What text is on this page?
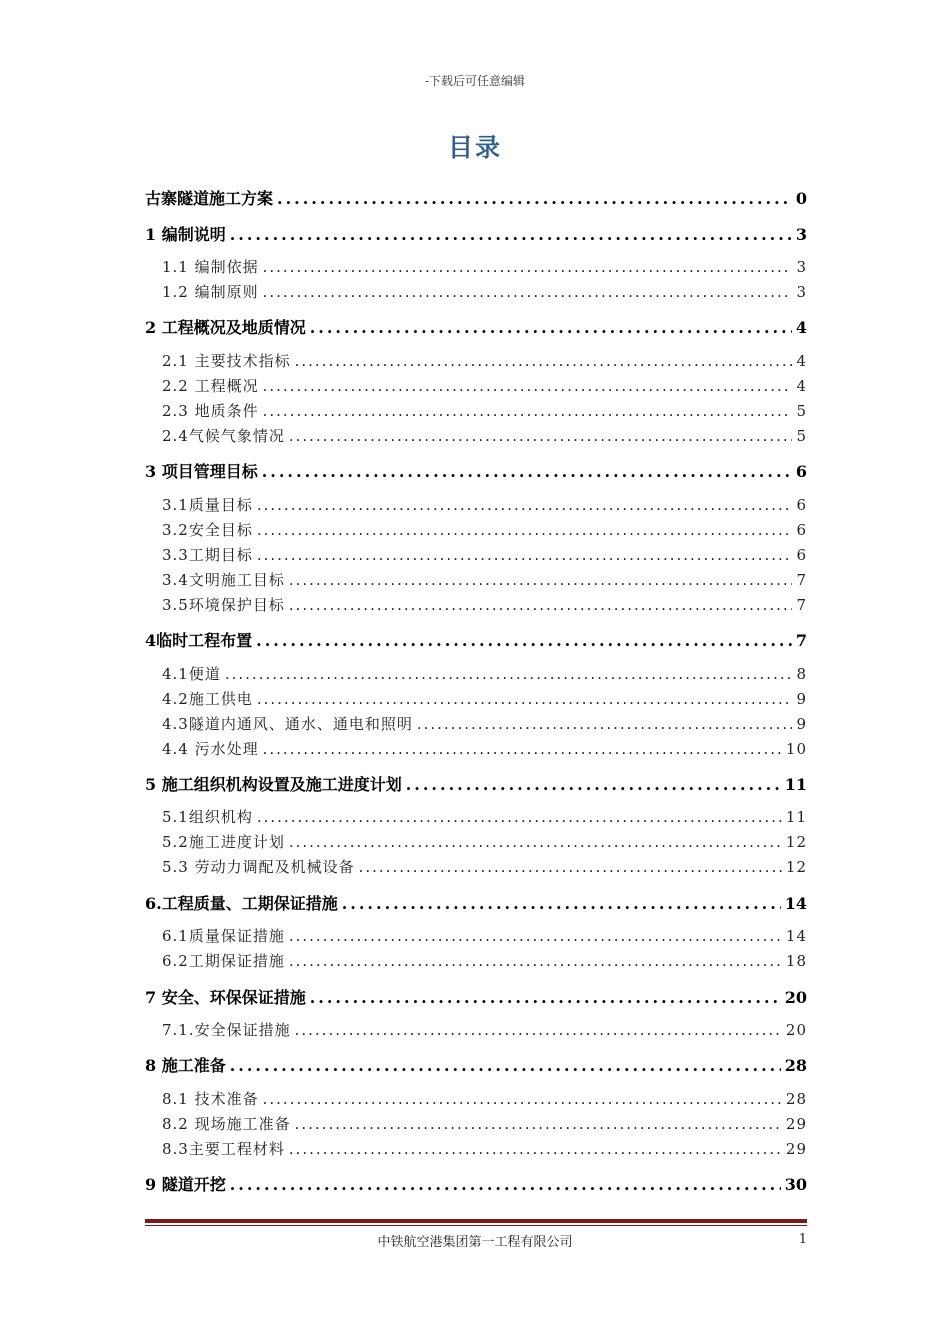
-下载后可任意编辑
目录
古寨隧道施工方案 .....	0
1 编制说明 .....	3
1.1 编制依据 .....	3
1.2 编制原则 .....	3
2 工程概况及地质情况 .....	4
2.1 主要技术指标 .....	4
2.2 工程概况 .....	4
2.3 地质条件 .....	5
2.4气候气象情况 .....	5
3 项目管理目标 .....	6
3.1质量目标 .....	6
3.2安全目标 .....	6
3.3工期目标 .....	6
3.4文明施工目标 .....	7
3.5环境保护目标 .....	7
4临时工程布置 .....	7
4.1便道 .....	8
4.2施工供电 .....	9
4.3隧道内通风、通水、通电和照明 .....	9
4.4 污水处理 .....	10
5 施工组织机构设置及施工进度计划 .....	11
5.1组织机构 .....	11
5.2施工进度计划 .....	12
5.3 劳动力调配及机械设备 .....	12
6.工程质量、工期保证措施 .....	14
6.1质量保证措施 .....	14
6.2工期保证措施 .....	18
7 安全、环保保证措施 .....	20
7.1.安全保证措施 .....	20
8 施工准备 .....	28
8.1 技术准备 .....	28
8.2 现场施工准备 .....	29
8.3主要工程材料 .....	29
9 隧道开挖 .....	30
中铁航空港集团第一工程有限公司	1
